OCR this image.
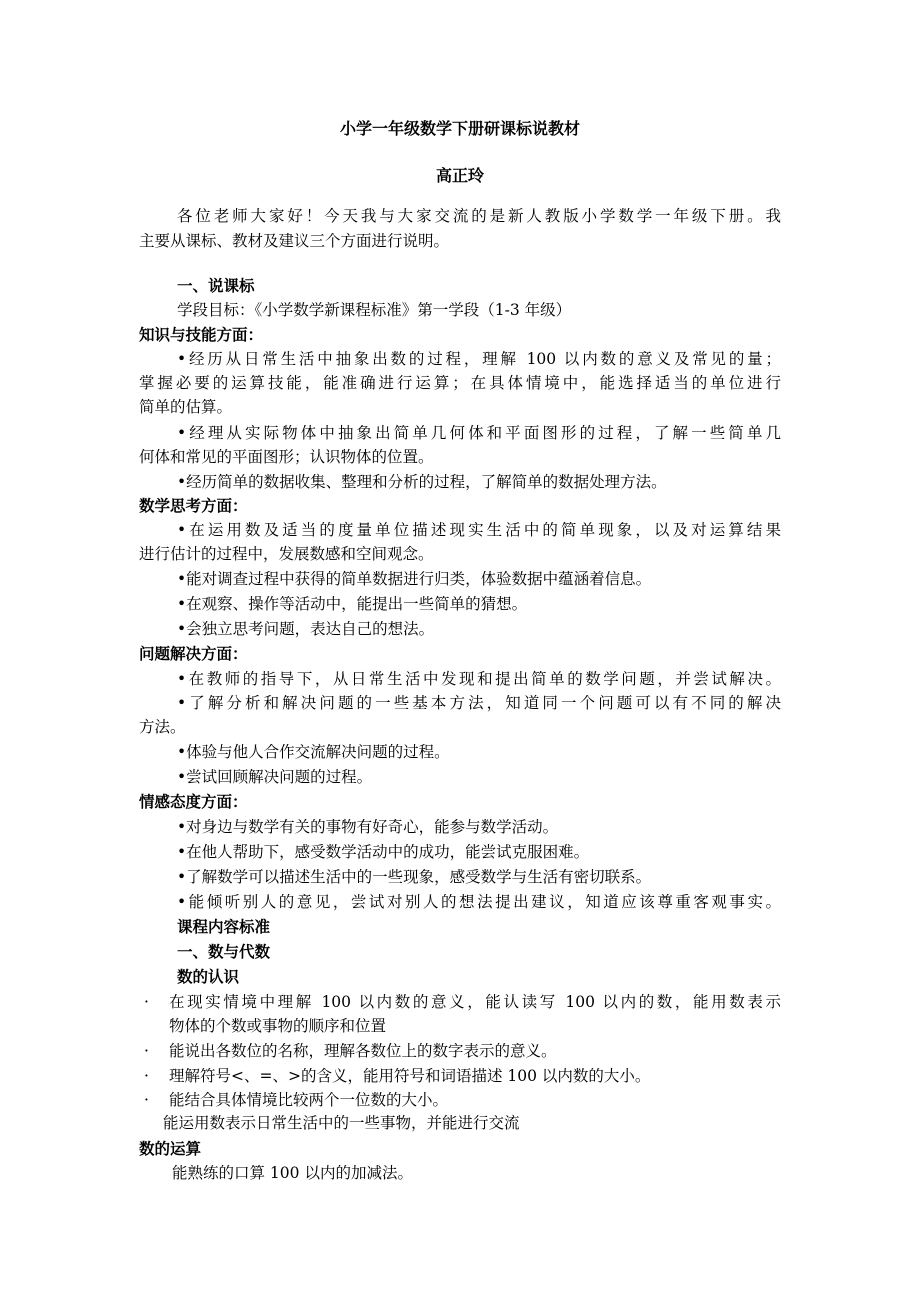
小学一年级数学下册研课标说教材
高正玲
各位老师大家好！今天我与大家交流的是新人教版小学数学一年级下册。我
主要从课标、教材及建议三个方面进行说明。
一、说课标
学段目标：《小学数学新课程标准》第一学段（1-3 年级）
知识与技能方面：
•经历从日常生活中抽象出数的过程，理解 100 以内数的意义及常见的量；
掌握必要的运算技能，能准确进行运算；在具体情境中，能选择适当的单位进行
简单的估算。
•经理从实际物体中抽象出简单几何体和平面图形的过程，了解一些简单几
何体和常见的平面图形；认识物体的位置。
•经历简单的数据收集、整理和分析的过程，了解简单的数据处理方法。
数学思考方面：
•在运用数及适当的度量单位描述现实生活中的简单现象，以及对运算结果
进行估计的过程中，发展数感和空间观念。
•能对调查过程中获得的简单数据进行归类，体验数据中蕴涵着信息。
•在观察、操作等活动中，能提出一些简单的猜想。
•会独立思考问题，表达自己的想法。
问题解决方面：
•在教师的指导下，从日常生活中发现和提出简单的数学问题，并尝试解决。
•了解分析和解决问题的一些基本方法，知道同一个问题可以有不同的解决
方法。
•体验与他人合作交流解决问题的过程。
•尝试回顾解决问题的过程。
情感态度方面：
•对身边与数学有关的事物有好奇心，能参与数学活动。
•在他人帮助下，感受数学活动中的成功，能尝试克服困难。
•了解数学可以描述生活中的一些现象，感受数学与生活有密切联系。
•能倾听别人的意见，尝试对别人的想法提出建议，知道应该尊重客观事实。
课程内容标准
一、数与代数
数的认识
· 在现实情境中理解 100 以内数的意义，能认读写 100 以内的数，能用数表示
物体的个数或事物的顺序和位置
· 能说出各数位的名称，理解各数位上的数字表示的意义。
· 理解符号<、=、>的含义，能用符号和词语描述 100 以内数的大小。
· 能结合具体情境比较两个一位数的大小。
能运用数表示日常生活中的一些事物，并能进行交流
数的运算
能熟练的口算 100 以内的加减法。
